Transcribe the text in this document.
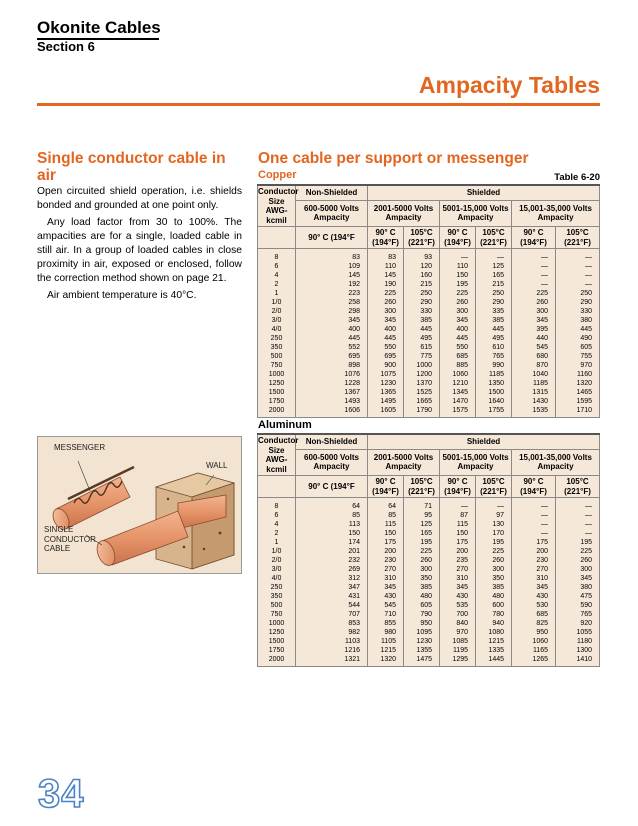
Okonite Cables
Section 6
Ampacity Tables
Single conductor cable in air

Open circuited shield operation, i.e. shields bonded and grounded at one point only.

Any load factor from 30 to 100%. The ampacities are for a single, loaded cable in still air. In a group of loaded cables in close proximity in air, exposed or enclosed, follow the correction method shown on page 21.

Air ambient temperature is 40°C.

One cable per support or messenger
Copper	Table 6-20
Conductor Size AWG-kcmil	Non-Shielded	Shielded					
	600-5000 Volts Ampacity	2001-5000 Volts Ampacity		5001-15,000 Volts Ampacity		15,001-35,000 Volts Ampacity	
	90° C (194°F	90° C (194°F)	105°C (221°F)	90° C (194°F)	105°C (221°F)	90° C (194°F)	105°C (221°F)
8	83	83	93	—	—	—	—
6	109	110	120	110	125	—	—
4	145	145	160	150	165	—	—
2	192	190	215	195	215	—	—
1	223	225	250	225	250	225	250
1/0	258	260	290	260	290	260	290
2/0	298	300	330	300	335	300	330
3/0	345	345	385	345	385	345	380
4/0	400	400	445	400	445	395	445
250	445	445	495	445	495	440	490
350	552	550	615	550	610	545	605
500	695	695	775	685	765	680	755
750	898	900	1000	885	990	870	970
1000	1076	1075	1200	1060	1185	1040	1160
1250	1228	1230	1370	1210	1350	1185	1320
1500	1367	1365	1525	1345	1500	1315	1465
1750	1493	1495	1665	1470	1640	1430	1595
2000	1606	1605	1790	1575	1755	1535	1710
Aluminum
Conductor Size AWG-kcmil	Non-Shielded	Shielded					
	600-5000 Volts Ampacity	2001-5000 Volts Ampacity		5001-15,000 Volts Ampacity		15,001-35,000 Volts Ampacity	
	90° C (194°F	90° C (194°F)	105°C (221°F)	90° C (194°F)	105°C (221°F)	90° C (194°F)	105°C (221°F)
8	64	64	71	—	—	—	—
6	85	85	95	87	97	—	—
4	113	115	125	115	130	—	—
2	150	150	165	150	170	—	—
1	174	175	195	175	195	175	195
1/0	201	200	225	200	225	200	225
2/0	232	230	260	235	260	230	260
3/0	269	270	300	270	300	270	300
4/0	312	310	350	310	350	310	345
250	347	345	385	345	385	345	380
350	431	430	480	430	480	430	475
500	544	545	605	535	600	530	590
750	707	710	790	700	780	685	765
1000	853	855	950	840	940	825	920
1250	982	980	1095	970	1080	950	1055
1500	1103	1105	1230	1085	1215	1060	1180
1750	1216	1215	1355	1195	1335	1165	1300
2000	1321	1320	1475	1295	1445	1265	1410
MESSENGER
WALL
SINGLE
CONDUCTOR
CABLE
34
